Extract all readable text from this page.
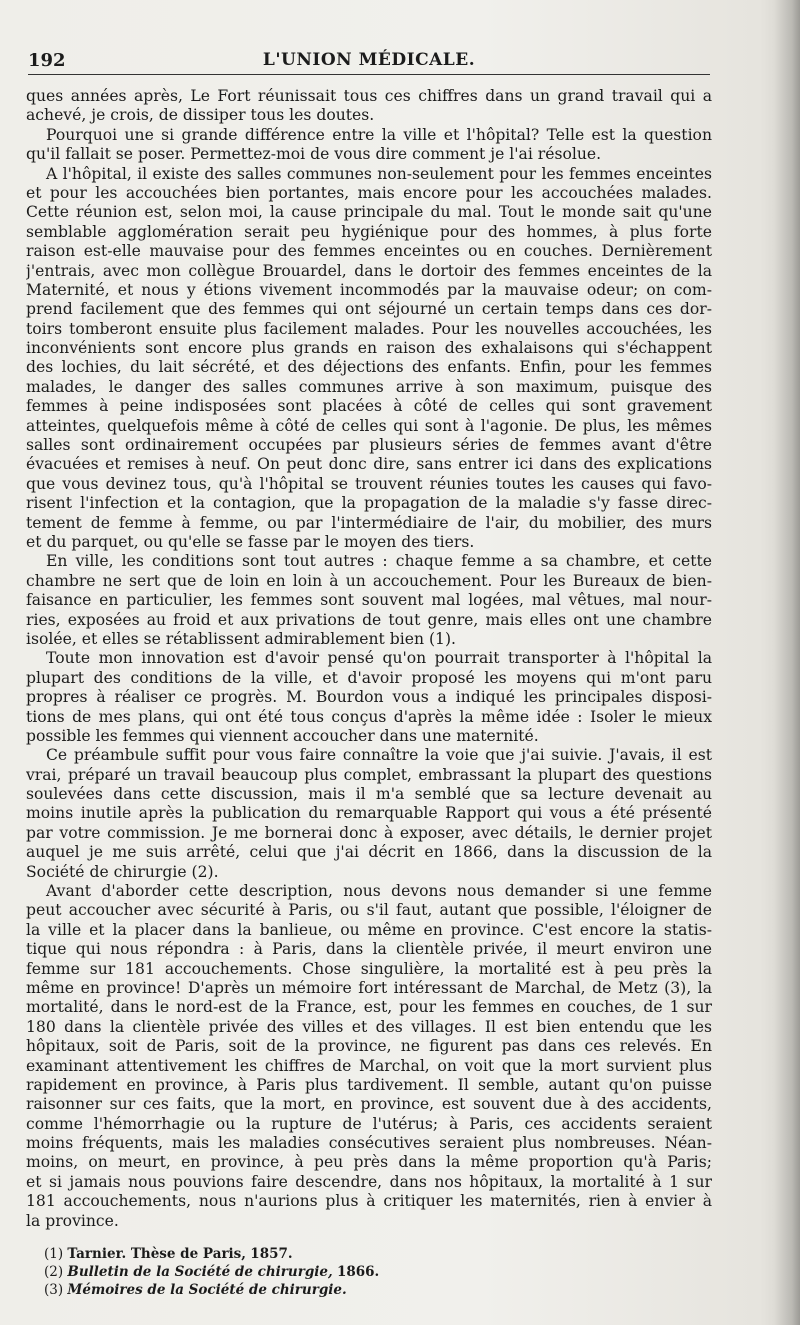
192	L'UNION MÉDICALE.
ques années après, Le Fort réunissait tous ces chiffres dans un grand travail qui a
achevé, je crois, de dissiper tous les doutes.
Pourquoi une si grande différence entre la ville et l'hôpital? Telle est la question
qu'il fallait se poser. Permettez-moi de vous dire comment je l'ai résolue.
A l'hôpital, il existe des salles communes non-seulement pour les femmes enceintes
et pour les accouchées bien portantes, mais encore pour les accouchées malades.
Cette réunion est, selon moi, la cause principale du mal. Tout le monde sait qu'une
semblable agglomération serait peu hygiénique pour des hommes, à plus forte
raison est-elle mauvaise pour des femmes enceintes ou en couches. Dernièrement
j'entrais, avec mon collègue Brouardel, dans le dortoir des femmes enceintes de la
Maternité, et nous y étions vivement incommodés par la mauvaise odeur; on com-
prend facilement que des femmes qui ont séjourné un certain temps dans ces dor-
toirs tomberont ensuite plus facilement malades. Pour les nouvelles accouchées, les
inconvénients sont encore plus grands en raison des exhalaisons qui s'échappent
des lochies, du lait sécrété, et des déjections des enfants. Enfin, pour les femmes
malades, le danger des salles communes arrive à son maximum, puisque des
femmes à peine indisposées sont placées à côté de celles qui sont gravement
atteintes, quelquefois même à côté de celles qui sont à l'agonie. De plus, les mêmes
salles sont ordinairement occupées par plusieurs séries de femmes avant d'être
évacuées et remises à neuf. On peut donc dire, sans entrer ici dans des explications
que vous devinez tous, qu'à l'hôpital se trouvent réunies toutes les causes qui favo-
risent l'infection et la contagion, que la propagation de la maladie s'y fasse direc-
tement de femme à femme, ou par l'intermédiaire de l'air, du mobilier, des murs
et du parquet, ou qu'elle se fasse par le moyen des tiers.
En ville, les conditions sont tout autres : chaque femme a sa chambre, et cette
chambre ne sert que de loin en loin à un accouchement. Pour les Bureaux de bien-
faisance en particulier, les femmes sont souvent mal logées, mal vêtues, mal nour-
ries, exposées au froid et aux privations de tout genre, mais elles ont une chambre
isolée, et elles se rétablissent admirablement bien (1).
Toute mon innovation est d'avoir pensé qu'on pourrait transporter à l'hôpital la
plupart des conditions de la ville, et d'avoir proposé les moyens qui m'ont paru
propres à réaliser ce progrès. M. Bourdon vous a indiqué les principales disposi-
tions de mes plans, qui ont été tous conçus d'après la même idée : Isoler le mieux
possible les femmes qui viennent accoucher dans une maternité.
Ce préambule suffit pour vous faire connaître la voie que j'ai suivie. J'avais, il est
vrai, préparé un travail beaucoup plus complet, embrassant la plupart des questions
soulevées dans cette discussion, mais il m'a semblé que sa lecture devenait au
moins inutile après la publication du remarquable Rapport qui vous a été présenté
par votre commission. Je me bornerai donc à exposer, avec détails, le dernier projet
auquel je me suis arrêté, celui que j'ai décrit en 1866, dans la discussion de la
Société de chirurgie (2).
Avant d'aborder cette description, nous devons nous demander si une femme
peut accoucher avec sécurité à Paris, ou s'il faut, autant que possible, l'éloigner de
la ville et la placer dans la banlieue, ou même en province. C'est encore la statis-
tique qui nous répondra : à Paris, dans la clientèle privée, il meurt environ une
femme sur 181 accouchements. Chose singulière, la mortalité est à peu près la
même en province! D'après un mémoire fort intéressant de Marchal, de Metz (3), la
mortalité, dans le nord-est de la France, est, pour les femmes en couches, de 1 sur
180 dans la clientèle privée des villes et des villages. Il est bien entendu que les
hôpitaux, soit de Paris, soit de la province, ne figurent pas dans ces relevés. En
examinant attentivement les chiffres de Marchal, on voit que la mort survient plus
rapidement en province, à Paris plus tardivement. Il semble, autant qu'on puisse
raisonner sur ces faits, que la mort, en province, est souvent due à des accidents,
comme l'hémorrhagie ou la rupture de l'utérus; à Paris, ces accidents seraient
moins fréquents, mais les maladies consécutives seraient plus nombreuses. Néan-
moins, on meurt, en province, à peu près dans la même proportion qu'à Paris;
et si jamais nous pouvions faire descendre, dans nos hôpitaux, la mortalité à 1 sur
181 accouchements, nous n'aurions plus à critiquer les maternités, rien à envier à
la province.
(1) Tarnier. Thèse de Paris, 1857.
(2) Bulletin de la Société de chirurgie, 1866.
(3) Mémoires de la Société de chirurgie.
